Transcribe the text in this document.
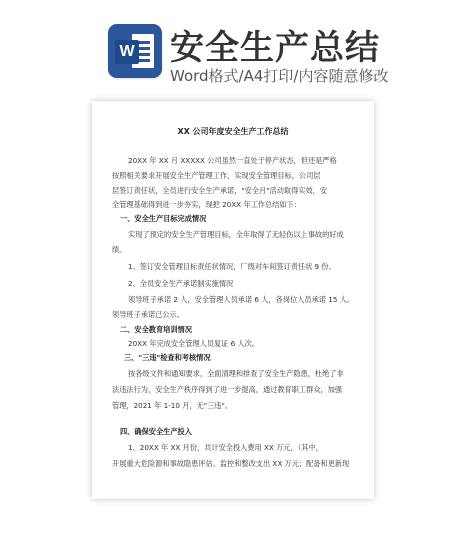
W 安全生产总结
Word格式/A4打印/内容随意修改
XX 公司年度安全生产工作总结
20XX 年 XX 月 XXXXX 公司虽然一直处于停产状态，但还是严格
按照相关要求开展安全生产管理工作，实现安全管理目标，公司层
层签订责任状，全员进行安全生产承诺，"安全月"活动取得实效，安
全管理基础得到进一步夯实，现把 20XX 年工作总结如下：
一、安全生产目标完成情况
实现了预定的安全生产管理目标，全年取得了无轻伤以上事故的好成
绩。
1、签订安全管理目标责任状情况，厂级对车间签订责任状 9 份。
2、全员安全生产承诺制实施情况
领导班子承诺 2 人，安全管理人员承诺 6 人，各岗位人员承诺 15 人。
领导班子承诺已公示。
二、安全教育培训情况
20XX 年完成安全管理人员复证 6 人次。
三、"三违"检查和考核情况
按各级文件和通知要求，全面清理和排查了安全生产隐患，杜绝了非
法违法行为，安全生产秩序得到了进一步提高，通过教育职工群众，加强
管理，2021 年 1-10 月，无"三违"。
四、确保安全生产投入
1、20XX 年 XX 月份，共计安全投入费用 XX 万元，（其中，
开展重大危险源和事故隐患评估、监控和整改支出 XX 万元；配备和更新现
